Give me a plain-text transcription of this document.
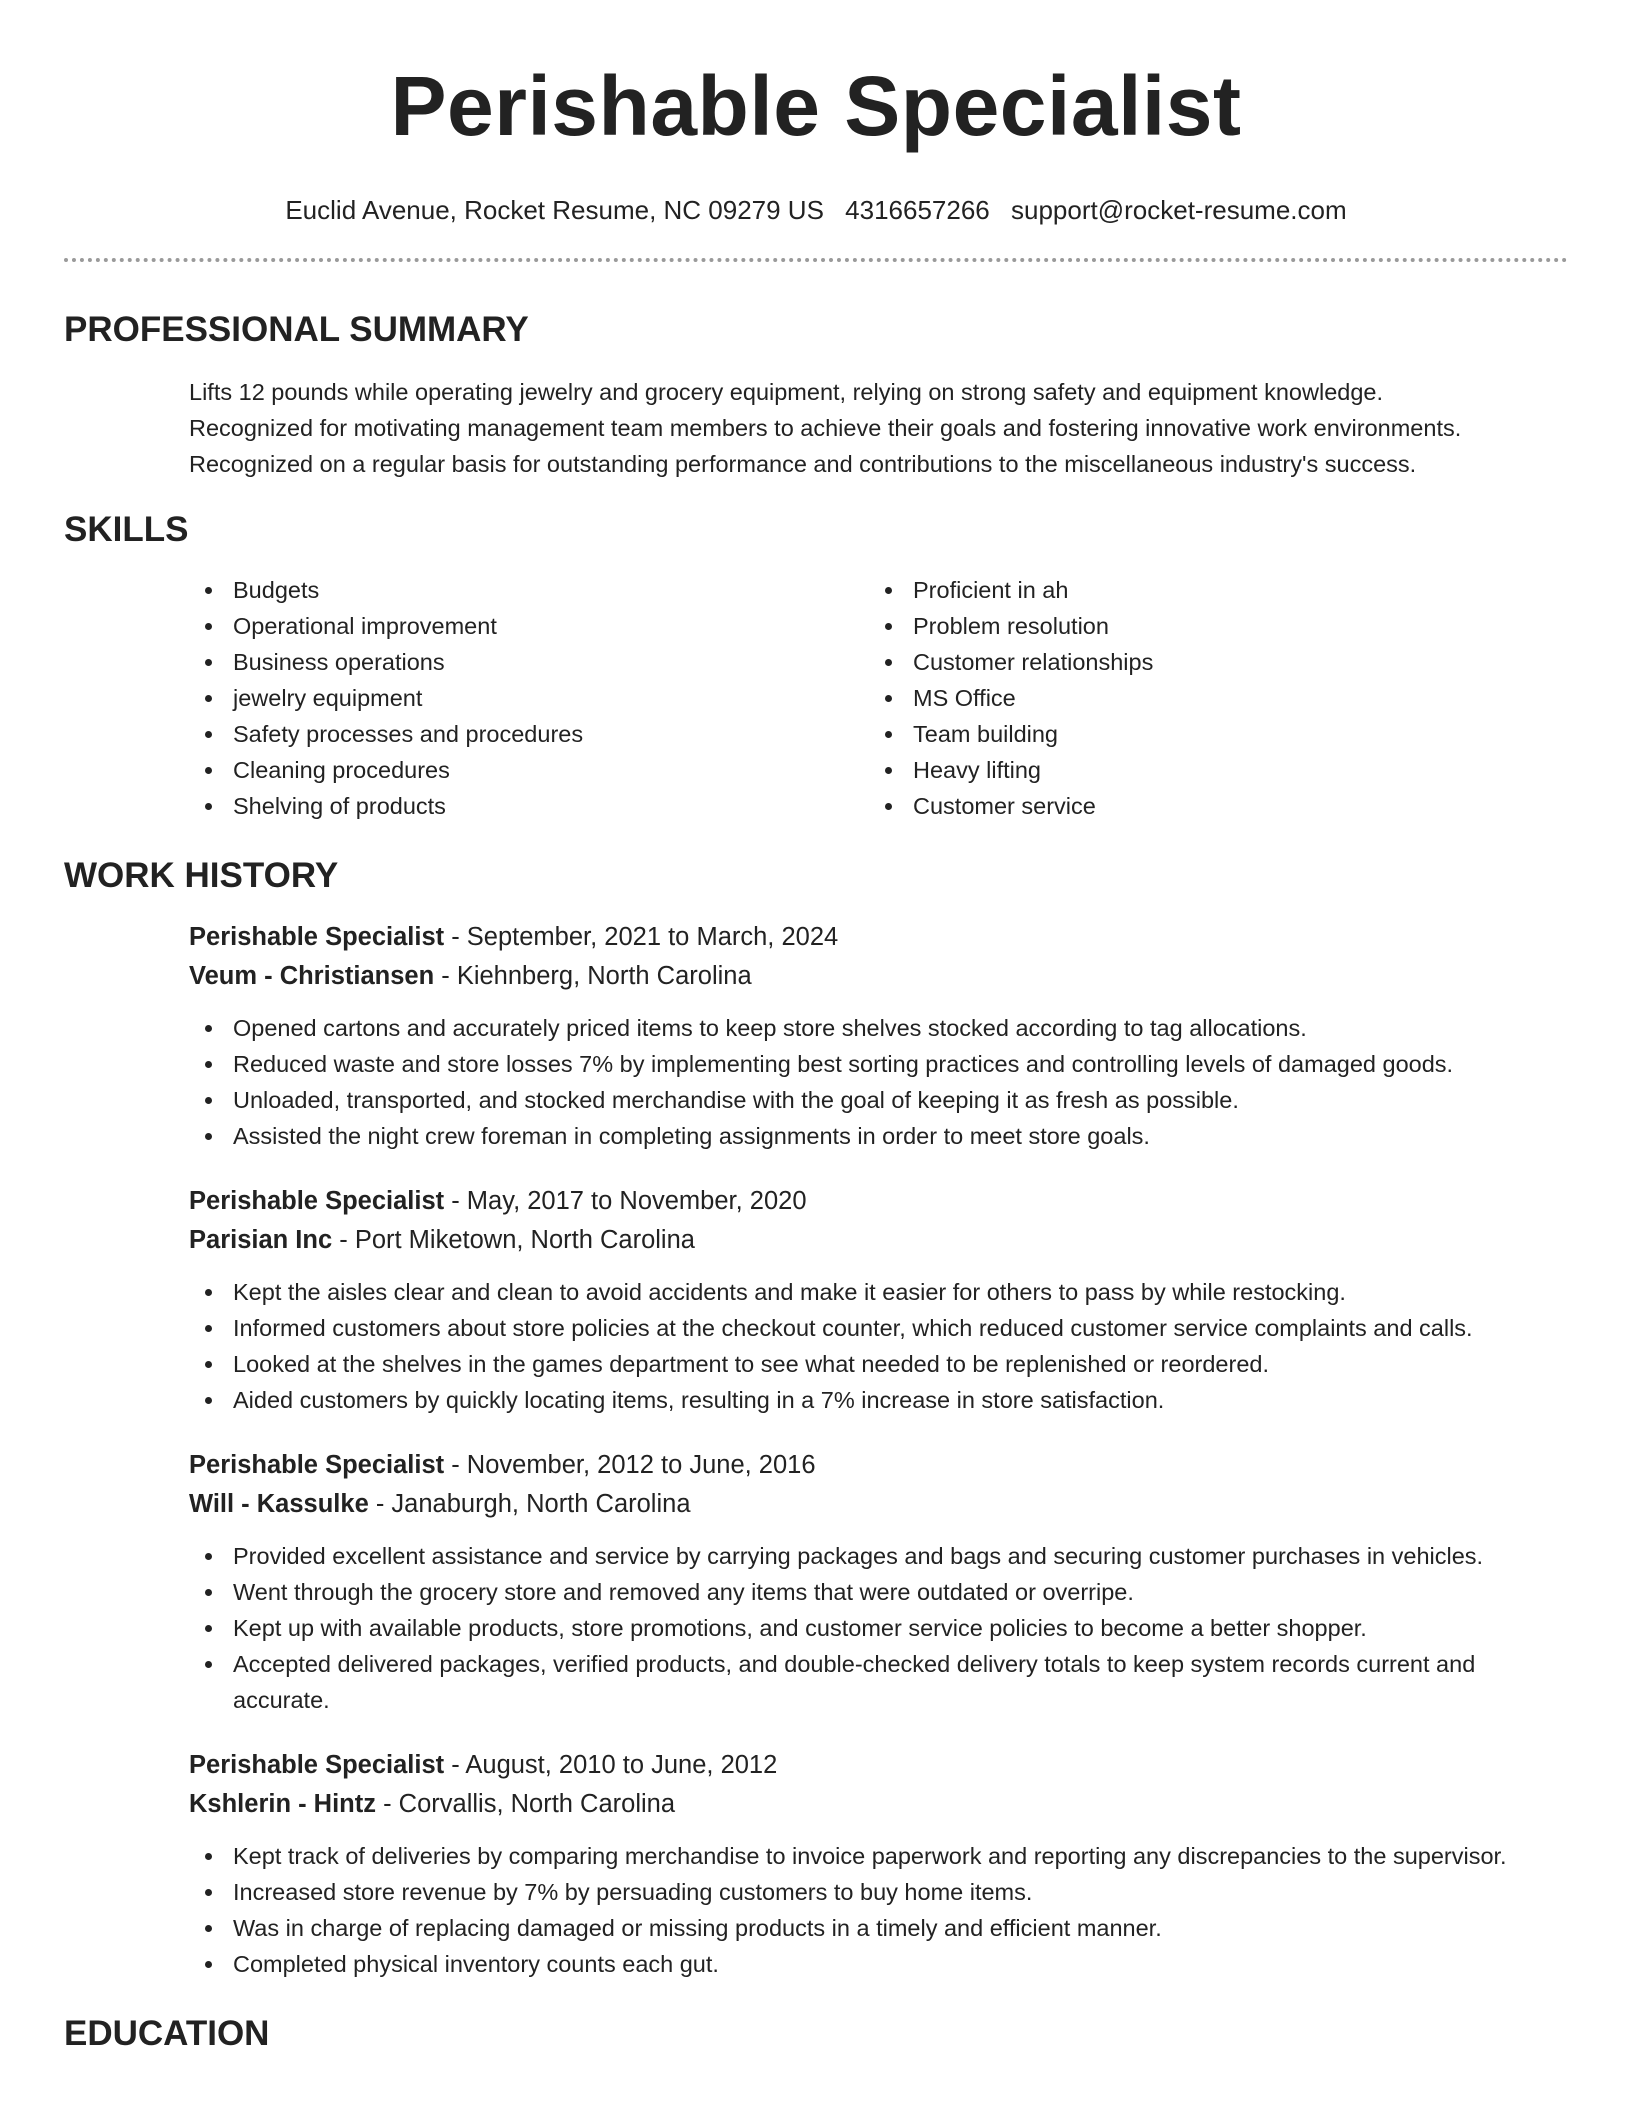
Perishable Specialist
Euclid Avenue, Rocket Resume, NC 09279 US 4316657266 support@rocket-resume.com
PROFESSIONAL SUMMARY
Lifts 12 pounds while operating jewelry and grocery equipment, relying on strong safety and equipment knowledge.
Recognized for motivating management team members to achieve their goals and fostering innovative work environments.
Recognized on a regular basis for outstanding performance and contributions to the miscellaneous industry's success.
SKILLS
Budgets
Operational improvement
Business operations
jewelry equipment
Safety processes and procedures
Cleaning procedures
Shelving of products
Proficient in ah
Problem resolution
Customer relationships
MS Office
Team building
Heavy lifting
Customer service
WORK HISTORY
Perishable Specialist - September, 2021 to March, 2024
Veum - Christiansen - Kiehnberg, North Carolina
Opened cartons and accurately priced items to keep store shelves stocked according to tag allocations.
Reduced waste and store losses 7% by implementing best sorting practices and controlling levels of damaged goods.
Unloaded, transported, and stocked merchandise with the goal of keeping it as fresh as possible.
Assisted the night crew foreman in completing assignments in order to meet store goals.
Perishable Specialist - May, 2017 to November, 2020
Parisian Inc - Port Miketown, North Carolina
Kept the aisles clear and clean to avoid accidents and make it easier for others to pass by while restocking.
Informed customers about store policies at the checkout counter, which reduced customer service complaints and calls.
Looked at the shelves in the games department to see what needed to be replenished or reordered.
Aided customers by quickly locating items, resulting in a 7% increase in store satisfaction.
Perishable Specialist - November, 2012 to June, 2016
Will - Kassulke - Janaburgh, North Carolina
Provided excellent assistance and service by carrying packages and bags and securing customer purchases in vehicles.
Went through the grocery store and removed any items that were outdated or overripe.
Kept up with available products, store promotions, and customer service policies to become a better shopper.
Accepted delivered packages, verified products, and double-checked delivery totals to keep system records current and accurate.
Perishable Specialist - August, 2010 to June, 2012
Kshlerin - Hintz - Corvallis, North Carolina
Kept track of deliveries by comparing merchandise to invoice paperwork and reporting any discrepancies to the supervisor.
Increased store revenue by 7% by persuading customers to buy home items.
Was in charge of replacing damaged or missing products in a timely and efficient manner.
Completed physical inventory counts each gut.
EDUCATION
